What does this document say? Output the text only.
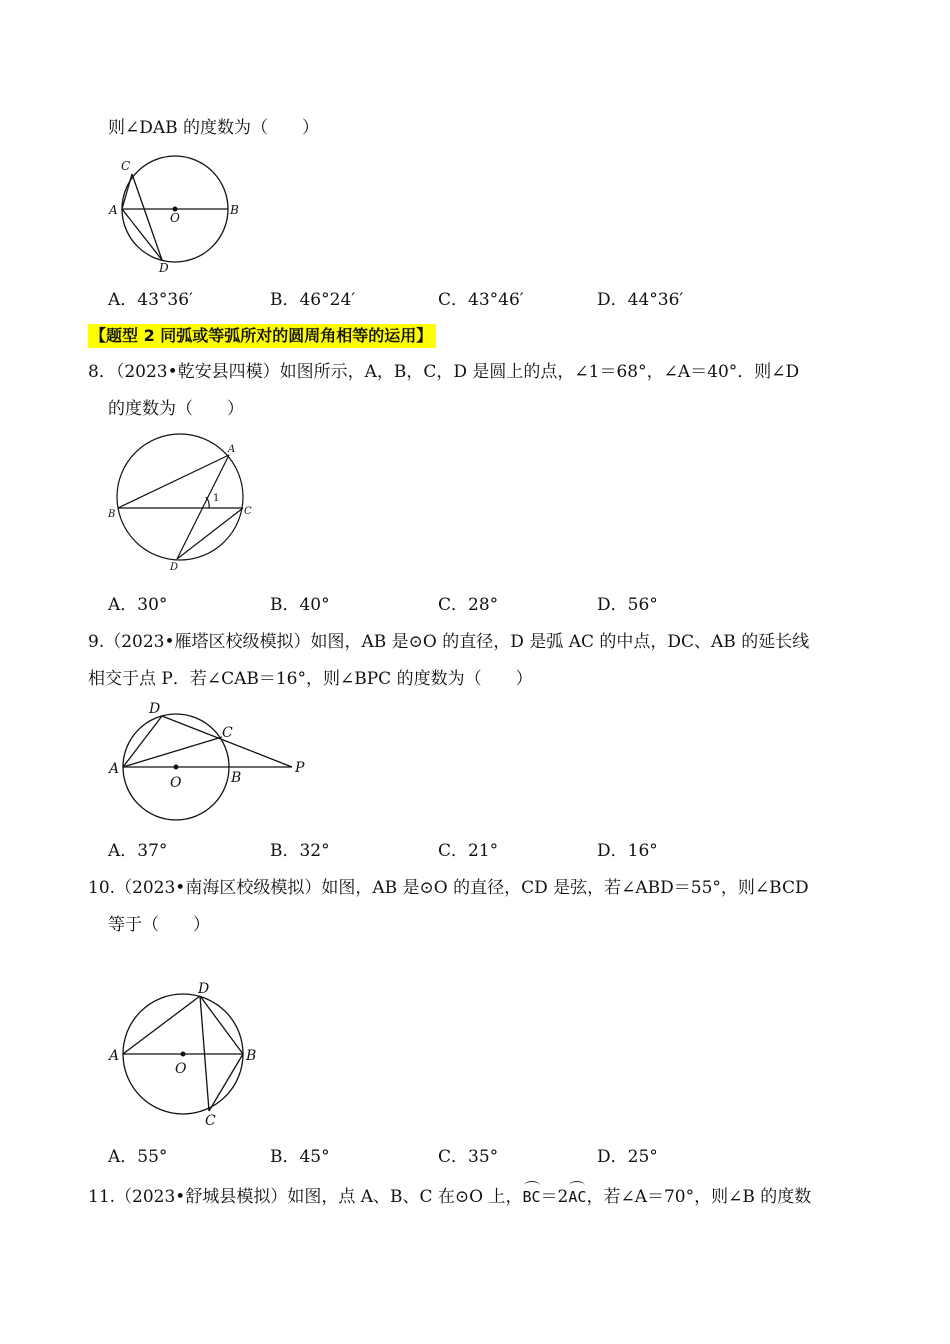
则∠DAB 的度数为（　　）
C
A
O
B
D
A．43°36′	B．46°24′	C．43°46′	D．44°36′
【题型 2 同弧或等弧所对的圆周角相等的运用】
8．（2023•乾安县四模）如图所示，A，B，C，D 是圆上的点，∠1＝68°，∠A＝40°．则∠D
的度数为（　　）
A
B	C
D
1
A．30°	B．40°	C．28°	D．56°
9.（2023•雁塔区校级模拟）如图，AB 是⊙O 的直径，D 是弧 AC 的中点，DC、AB 的延长线
相交于点 P．若∠CAB＝16°，则∠BPC 的度数为（　　）
D
C
A
O	B
P
A．37°	B．32°	C．21°	D．16°
10.（2023•南海区校级模拟）如图，AB 是⊙O 的直径，CD 是弦，若∠ABD＝55°，则∠BCD
等于（　　）
D
A
O
B
C
A．55°	B．45°	C．35°	D．25°
11.（2023•舒城县模拟）如图，点 A、B、C 在⊙O 上，BC＝2AC，若∠A＝70°，则∠B 的度数
